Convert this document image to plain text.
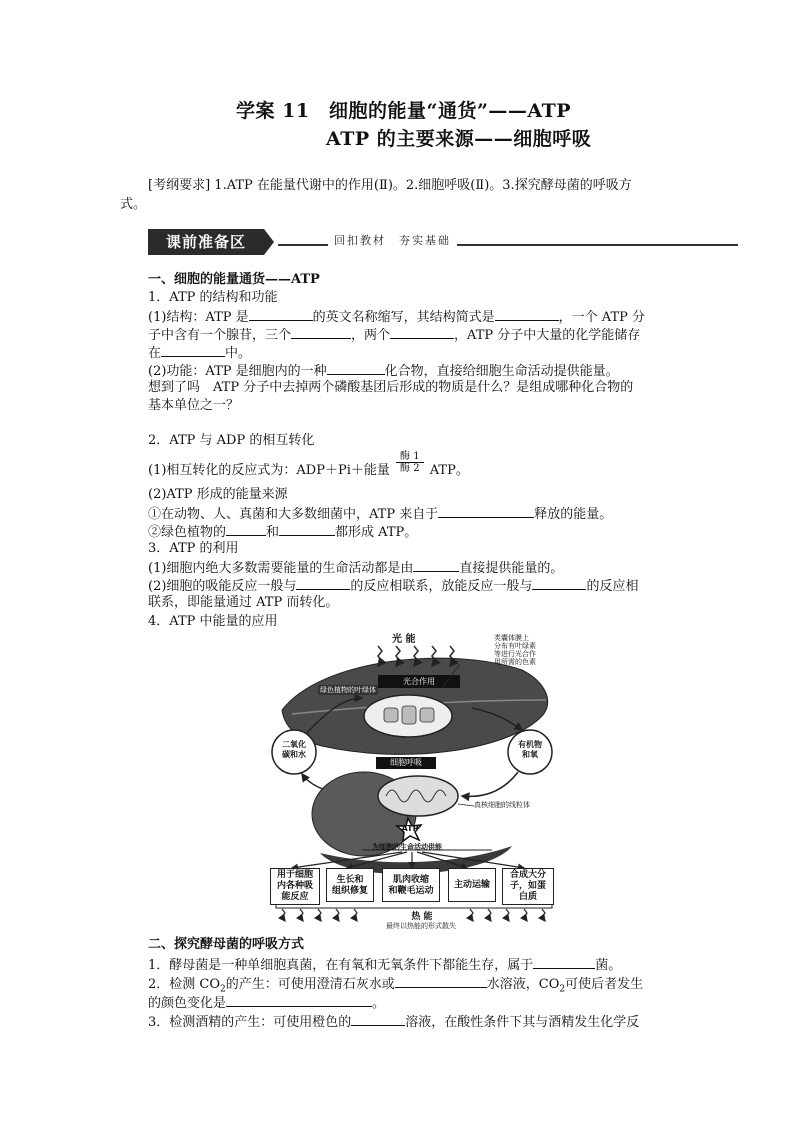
学案 11　细胞的能量“通货”——ATP
ATP 的主要来源——细胞呼吸
[考纲要求] 1.ATP 在能量代谢中的作用(Ⅱ)。2.细胞呼吸(Ⅱ)。3.探究酵母菌的呼吸方
式。
课前准备区	回扣教材　夯实基础
一、细胞的能量通货——ATP
1．ATP 的结构和功能
(1)结构：ATP 是	的英文名称缩写，其结构简式是	，一个 ATP 分
子中含有一个腺苷，三个	，两个	，ATP 分子中大量的化学能储存
在	中。
(2)功能：ATP 是细胞内的一种	化合物，直接给细胞生命活动提供能量。
想到了吗　ATP 分子中去掉两个磷酸基团后形成的物质是什么？是组成哪种化合物的
基本单位之一？
2．ATP 与 ADP 的相互转化
(1)相互转化的反应式为：ADP＋Pi＋能量 $\frac{\text{酶 1}}{\text{酶 2}}$ ATP。
(2)ATP 形成的能量来源
①在动物、人、真菌和大多数细菌中，ATP 来自于	释放的能量。
②绿色植物的	和	都形成 ATP。
3．ATP 的利用
(1)细胞内绝大多数需要能量的生命活动都是由	直接提供能量的。
(2)细胞的吸能反应一般与	的反应相联系，放能反应一般与	的反应相
联系，即能量通过 ATP 而转化。
4．ATP 中能量的应用
光 能	类囊体膜上
分布有叶绿素
等进行光合作
用所需的色素
光合作用
绿色植物的叶绿体
二氧化
碳和水
有机物
和氧
细胞呼吸
真核细胞的线粒体
ATP
为细胞的生命活动供能
用于细胞
内各种吸
能反应
生长和
组织修复
肌肉收缩
和鞭毛运动
主动运输
合成大分
子，如蛋
白质
热 能
最终以热能的形式散失
二、探究酵母菌的呼吸方式
1．酵母菌是一种单细胞真菌，在有氧和无氧条件下都能生存，属于	菌。
2．检测 $CO_2$的产生：可使用澄清石灰水或	水溶液，$CO_2$可使后者发生
的颜色变化是	。
3．检测酒精的产生：可使用橙色的	溶液，在酸性条件下其与酒精发生化学反
